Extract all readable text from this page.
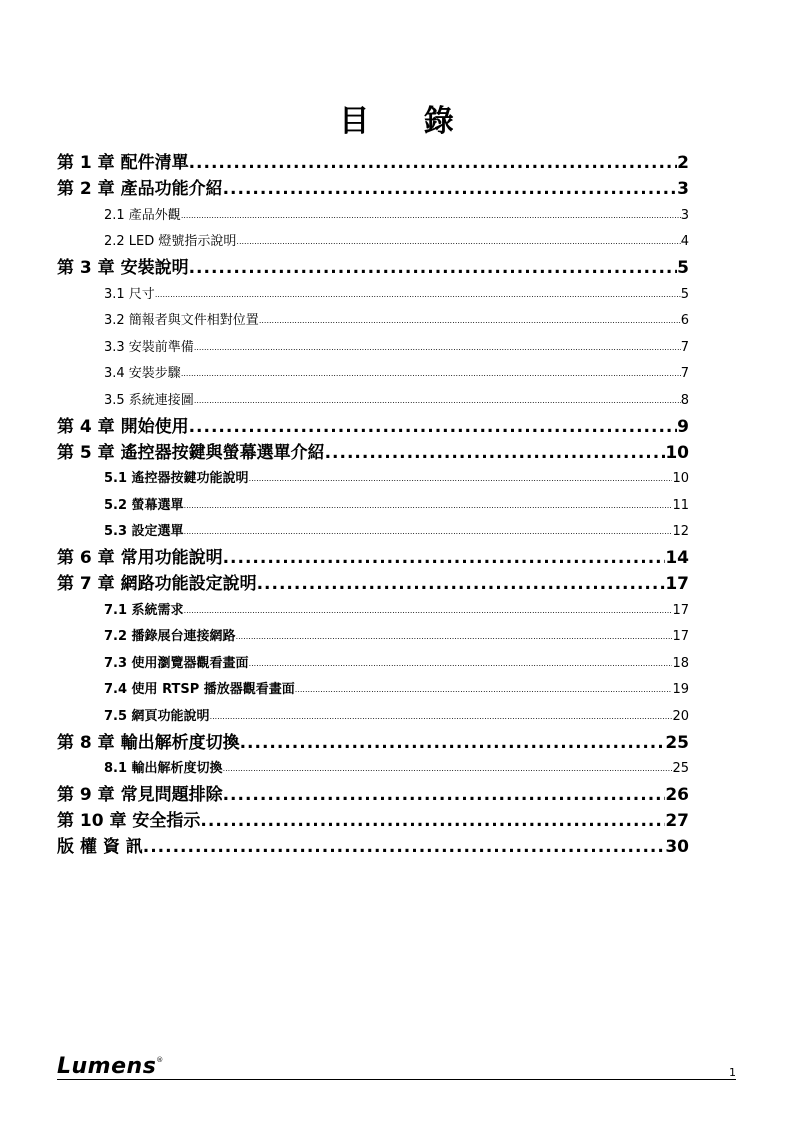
目 錄
第 1 章 配件清單 .....	2
第 2 章 產品功能介紹 .....	3
2.1 產品外觀 .....	3
2.2 LED 燈號指示說明 .....	4
第 3 章 安裝說明 .....	5
3.1 尺寸 .....	5
3.2 簡報者與文件相對位置 .....	6
3.3 安裝前準備 .....	7
3.4 安裝步驟 .....	7
3.5 系統連接圖 .....	8
第 4 章 開始使用 .....	9
第 5 章 遙控器按鍵與螢幕選單介紹 .....	10
5.1 遙控器按鍵功能說明 .....	10
5.2 螢幕選單 .....	11
5.3 設定選單 .....	12
第 6 章 常用功能說明 .....	14
第 7 章 網路功能設定說明 .....	17
7.1 系統需求 .....	17
7.2 播錄展台連接網路 .....	17
7.3 使用瀏覽器觀看畫面 .....	18
7.4 使用 RTSP 播放器觀看畫面 .....	19
7.5 網頁功能說明 .....	20
第 8 章 輸出解析度切換 .....	25
8.1 輸出解析度切換 .....	25
第 9 章 常見問題排除 .....	26
第 10 章 安全指示 .....	27
版 權 資 訊 .....	30
Lumens®
1
